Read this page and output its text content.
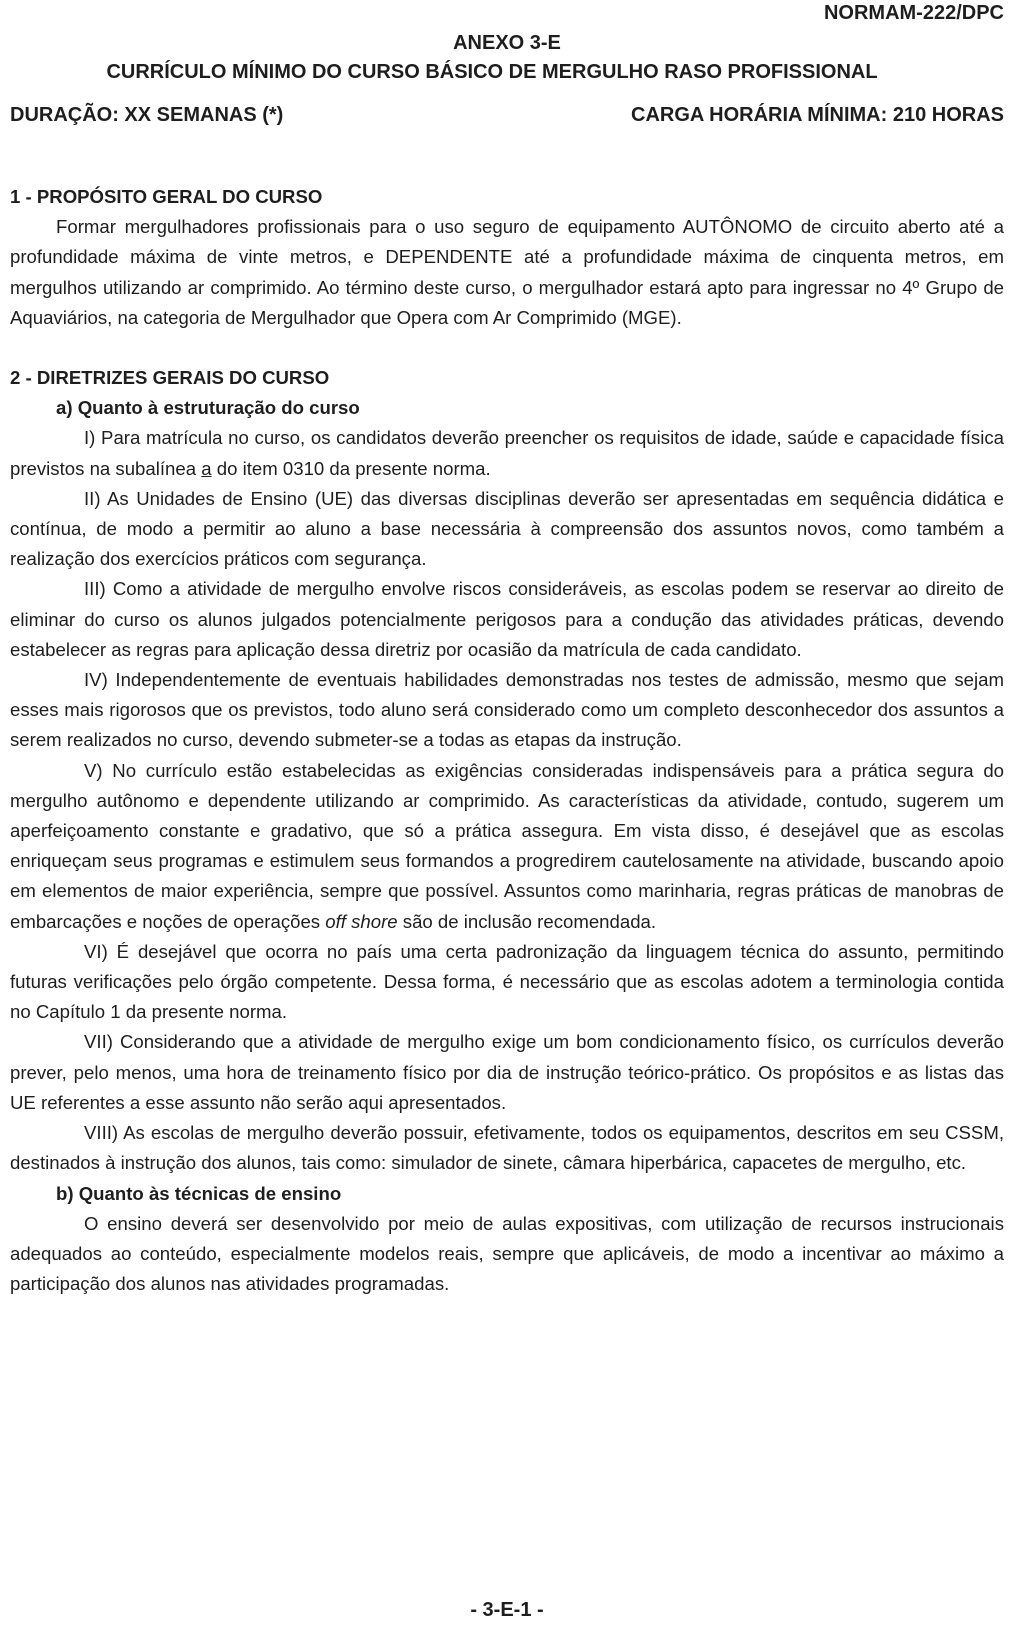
NORMAM-222/DPC
ANEXO 3-E
CURRÍCULO MÍNIMO DO CURSO BÁSICO DE MERGULHO RASO PROFISSIONAL
DURAÇÃO: XX SEMANAS (*)	CARGA HORÁRIA MÍNIMA: 210 HORAS

1 - PROPÓSITO GERAL DO CURSO

Formar mergulhadores profissionais para o uso seguro de equipamento AUTÔNOMO de circuito aberto até a profundidade máxima de vinte metros, e DEPENDENTE até a profundidade máxima de cinquenta metros, em mergulhos utilizando ar comprimido. Ao término deste curso, o mergulhador estará apto para ingressar no 4º Grupo de Aquaviários, na categoria de Mergulhador que Opera com Ar Comprimido (MGE).

2 - DIRETRIZES GERAIS DO CURSO

a) Quanto à estruturação do curso

I) Para matrícula no curso, os candidatos deverão preencher os requisitos de idade, saúde e capacidade física previstos na subalínea a do item 0310 da presente norma.

II) As Unidades de Ensino (UE) das diversas disciplinas deverão ser apresentadas em sequência didática e contínua, de modo a permitir ao aluno a base necessária à compreensão dos assuntos novos, como também a realização dos exercícios práticos com segurança.

III) Como a atividade de mergulho envolve riscos consideráveis, as escolas podem se reservar ao direito de eliminar do curso os alunos julgados potencialmente perigosos para a condução das atividades práticas, devendo estabelecer as regras para aplicação dessa diretriz por ocasião da matrícula de cada candidato.

IV) Independentemente de eventuais habilidades demonstradas nos testes de admissão, mesmo que sejam esses mais rigorosos que os previstos, todo aluno será considerado como um completo desconhecedor dos assuntos a serem realizados no curso, devendo submeter-se a todas as etapas da instrução.

V) No currículo estão estabelecidas as exigências consideradas indispensáveis para a prática segura do mergulho autônomo e dependente utilizando ar comprimido. As características da atividade, contudo, sugerem um aperfeiçoamento constante e gradativo, que só a prática assegura. Em vista disso, é desejável que as escolas enriqueçam seus programas e estimulem seus formandos a progredirem cautelosamente na atividade, buscando apoio em elementos de maior experiência, sempre que possível. Assuntos como marinharia, regras práticas de manobras de embarcações e noções de operações off shore são de inclusão recomendada.

VI) É desejável que ocorra no país uma certa padronização da linguagem técnica do assunto, permitindo futuras verificações pelo órgão competente. Dessa forma, é necessário que as escolas adotem a terminologia contida no Capítulo 1 da presente norma.

VII) Considerando que a atividade de mergulho exige um bom condicionamento físico, os currículos deverão prever, pelo menos, uma hora de treinamento físico por dia de instrução teórico-prático. Os propósitos e as listas das UE referentes a esse assunto não serão aqui apresentados.

VIII) As escolas de mergulho deverão possuir, efetivamente, todos os equipamentos, descritos em seu CSSM, destinados à instrução dos alunos, tais como: simulador de sinete, câmara hiperbárica, capacetes de mergulho, etc.

b) Quanto às técnicas de ensino

O ensino deverá ser desenvolvido por meio de aulas expositivas, com utilização de recursos instrucionais adequados ao conteúdo, especialmente modelos reais, sempre que aplicáveis, de modo a incentivar ao máximo a participação dos alunos nas atividades programadas.

- 3-E-1 -
